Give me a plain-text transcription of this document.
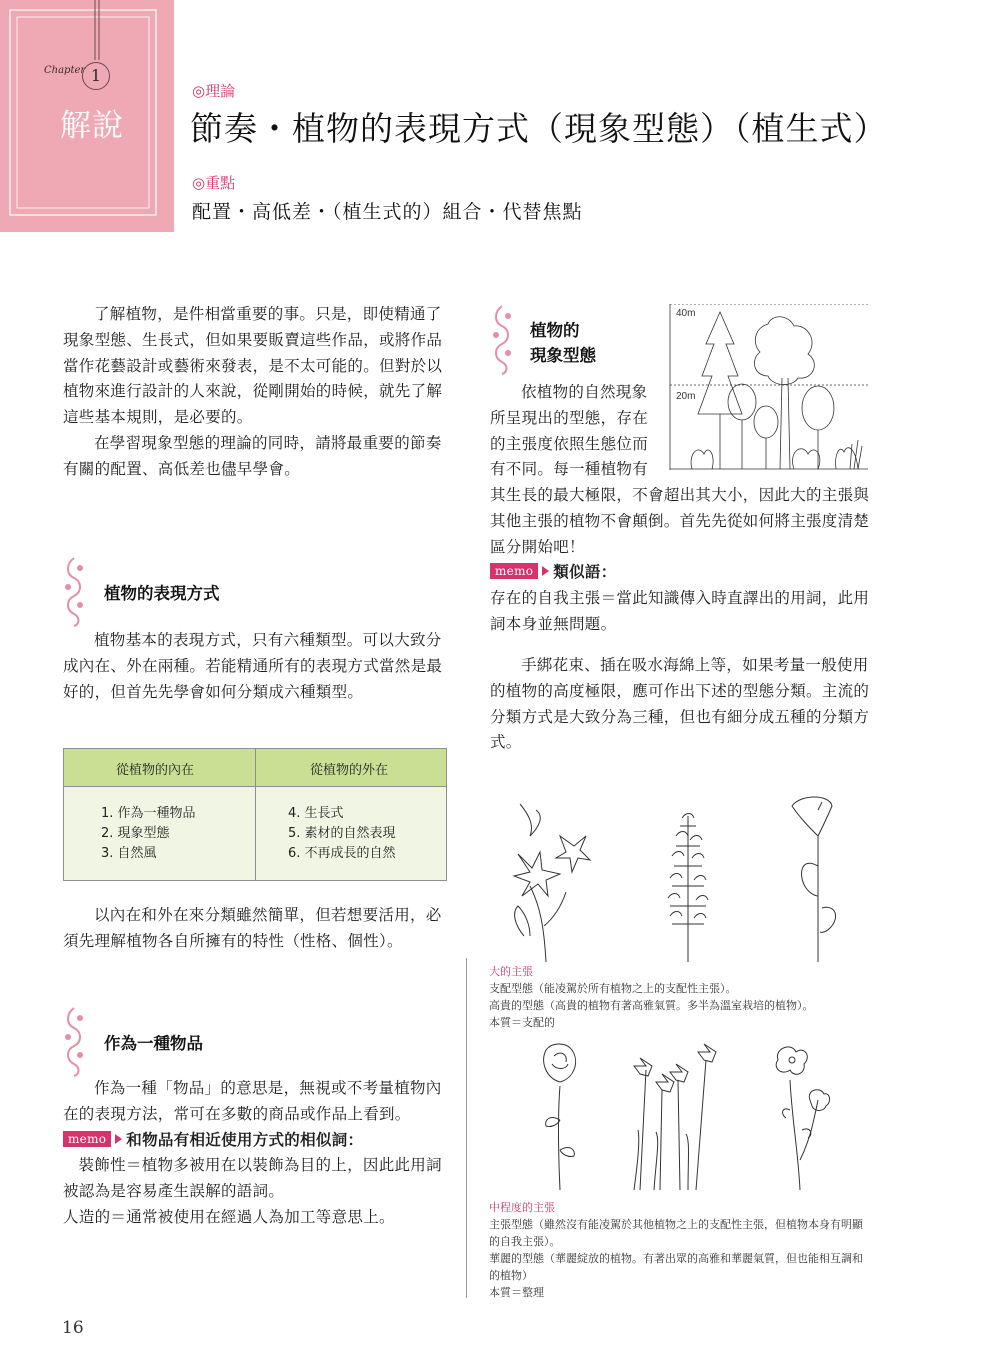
Chapter 1
解說
◎理論
節奏・植物的表現方式（現象型態）（植生式）
◎重點
配置・高低差・（植生式的）組合・代替焦點

了解植物，是件相當重要的事。只是，即使精通了現象型態、生長式，但如果要販賣這些作品，或將作品當作花藝設計或藝術來發表，是不太可能的。但對於以植物來進行設計的人來說，從剛開始的時候，就先了解這些基本規則，是必要的。

在學習現象型態的理論的同時，請將最重要的節奏有關的配置、高低差也儘早學會。

植物的表現方式

植物基本的表現方式，只有六種類型。可以大致分成內在、外在兩種。若能精通所有的表現方式當然是最好的，但首先先學會如何分類成六種類型。

從植物的內在	從植物的外在
1. 作為一種物品
2. 現象型態
3. 自然風
4. 生長式
5. 素材的自然表現
6. 不再成長的自然

以內在和外在來分類雖然簡單，但若想要活用，必須先理解植物各自所擁有的特性（性格、個性）。

作為一種物品

作為一種「物品」的意思是，無視或不考量植物內在的表現方法，常可在多數的商品或作品上看到。

memo 和物品有相近使用方式的相似詞：

裝飾性＝植物多被用在以裝飾為目的上，因此此用詞被認為是容易產生誤解的語詞。

人造的＝通常被使用在經過人為加工等意思上。

植物的
現象型態
40m
20m
依植物的自然現象
所呈現出的型態，存在
的主張度依照生態位而
有不同。每一種植物有

其生長的最大極限，不會超出其大小，因此大的主張與其他主張的植物不會顛倒。首先先從如何將主張度清楚區分開始吧！

memo 類似語：

存在的自我主張＝當此知識傳入時直譯出的用詞，此用詞本身並無問題。

手綁花束、插在吸水海綿上等，如果考量一般使用的植物的高度極限，應可作出下述的型態分類。主流的分類方式是大致分為三種，但也有細分成五種的分類方式。

大的主張
支配型態（能凌駕於所有植物之上的支配性主張）。
高貴的型態（高貴的植物有著高雅氣質。多半為溫室栽培的植物）。
本質＝支配的
中程度的主張
主張型態（雖然沒有能凌駕於其他植物之上的支配性主張，但植物本身有明顯的自我主張）。
華麗的型態（華麗綻放的植物。有著出眾的高雅和華麗氣質，但也能相互調和的植物）
本質＝整理
16
